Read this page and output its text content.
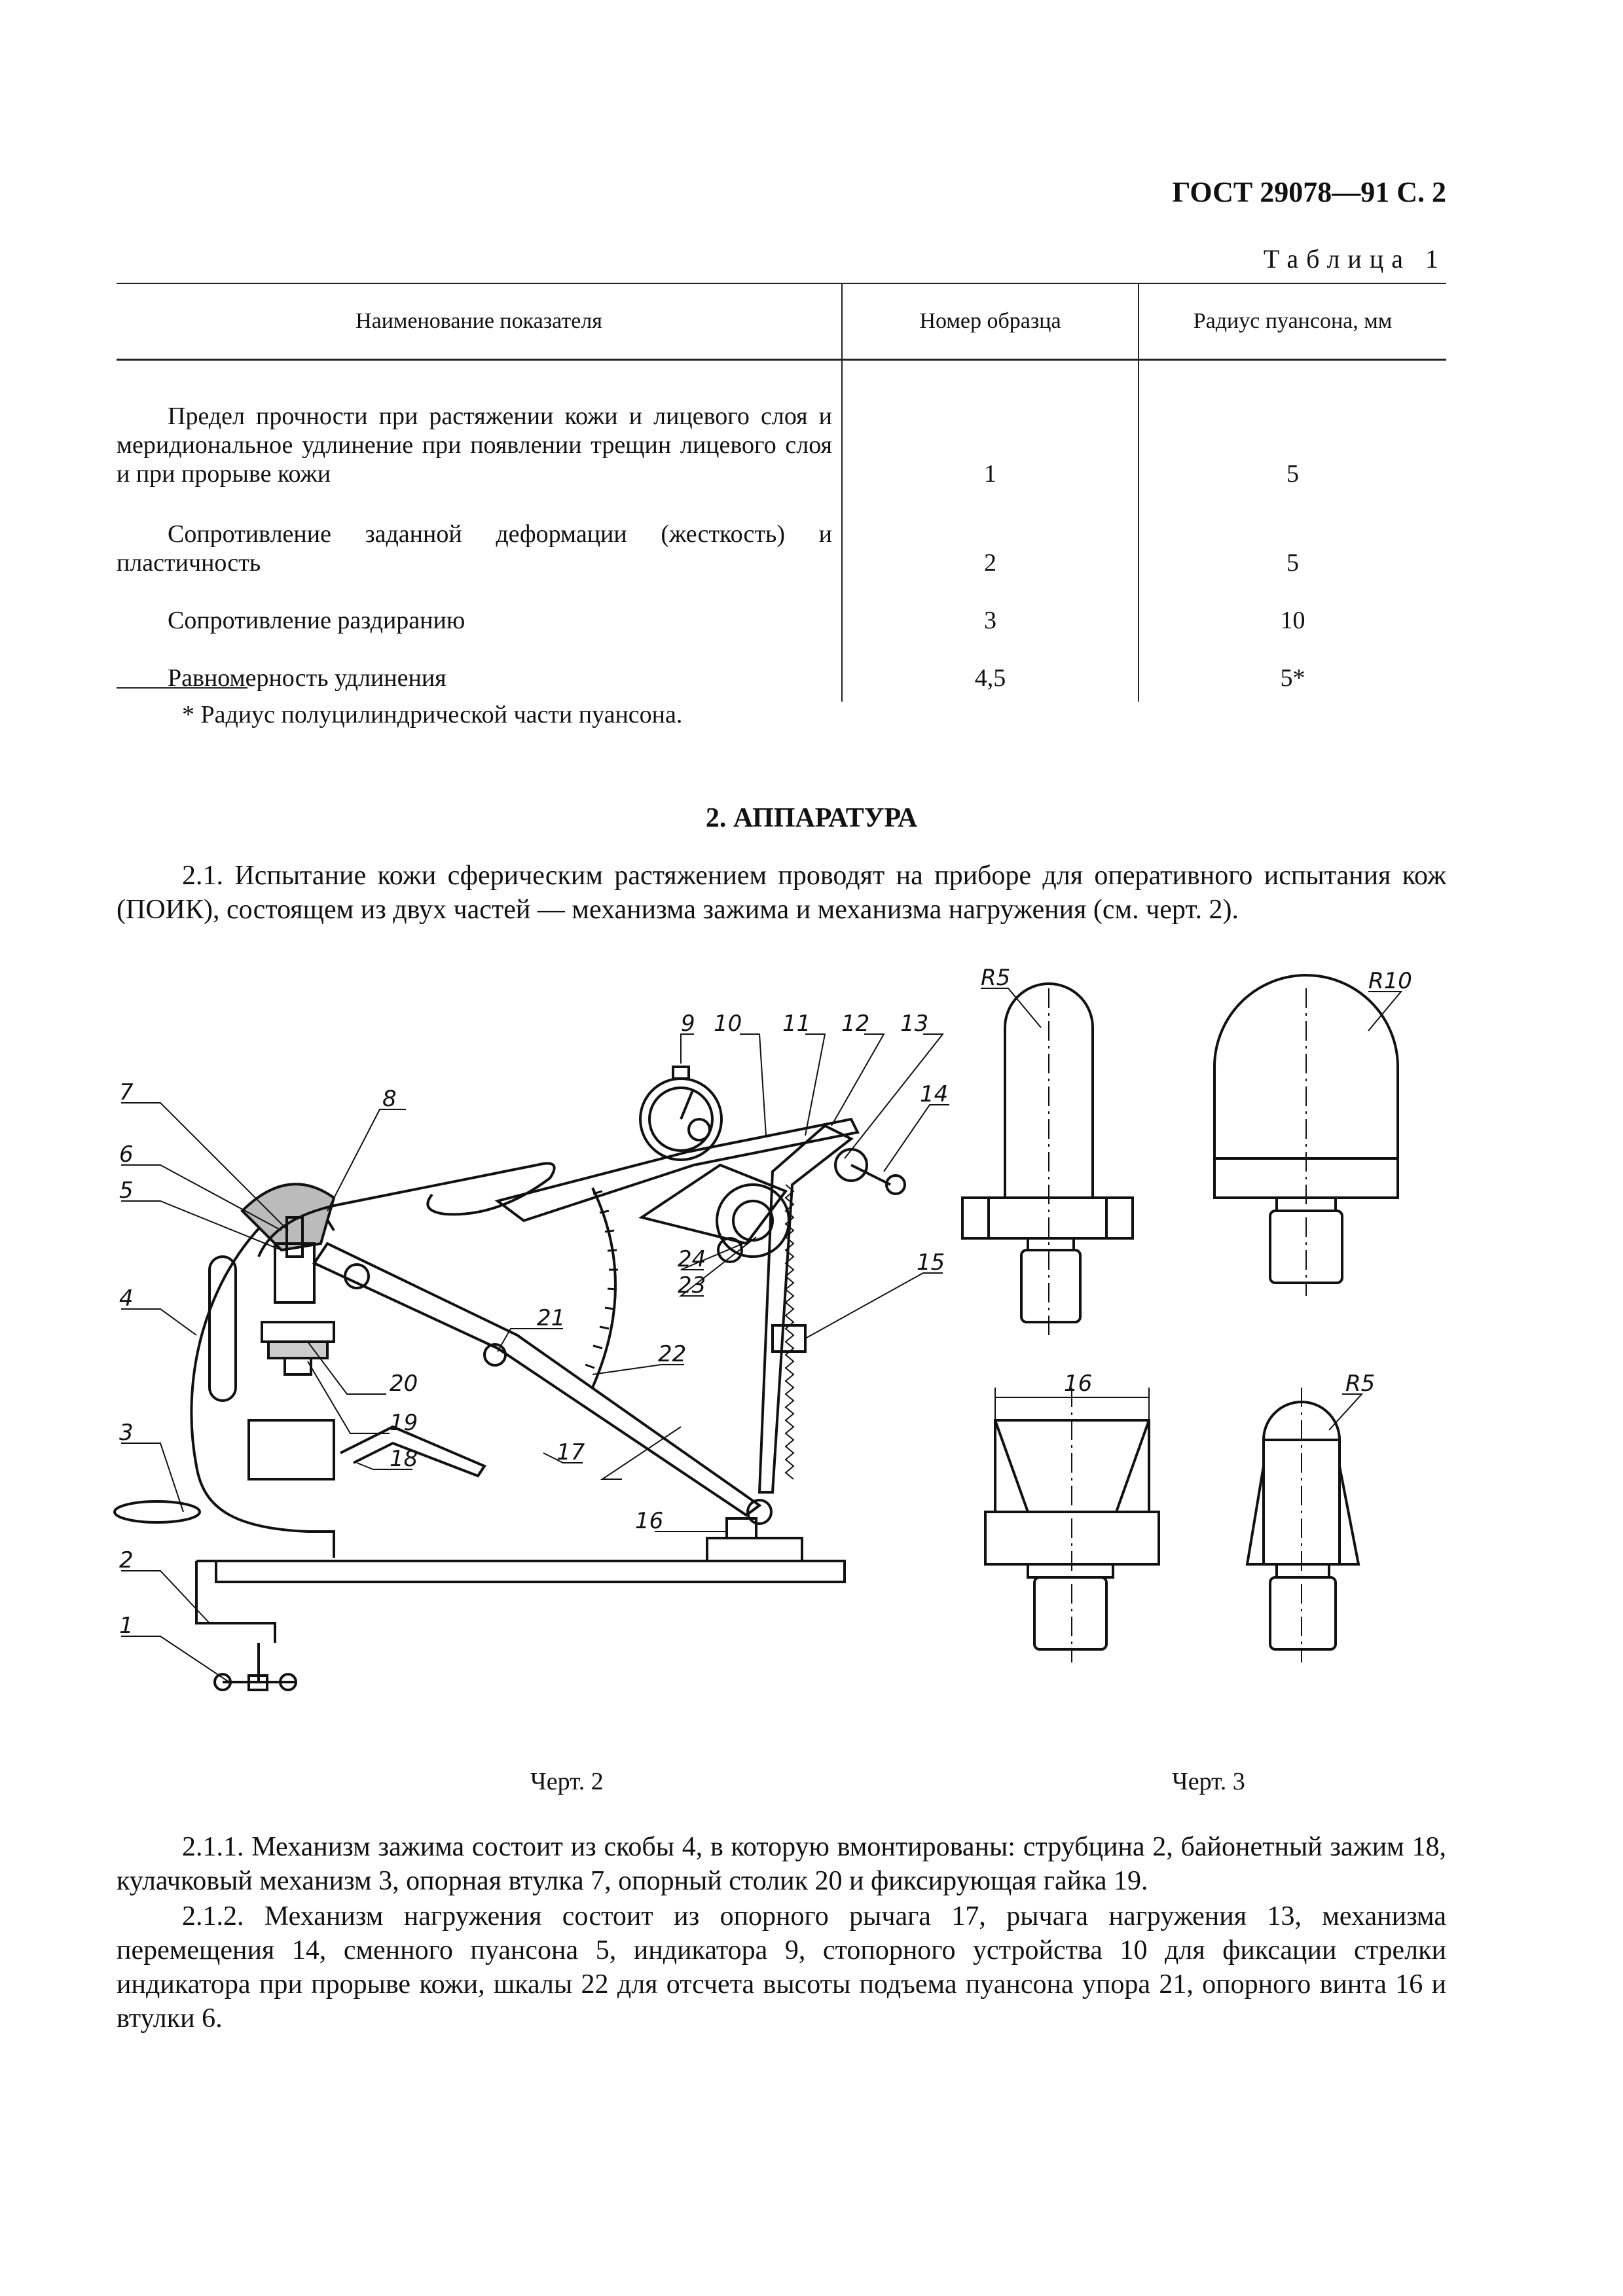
ГОСТ 29078—91 С. 2
Таблица 1
Наименование показателя	Номер образца	Радиус пуансона, мм
Предел прочности при растяжении кожи и лицевого слоя и меридиональное удлинение при появлении трещин лицевого слоя и при прорыве кожи	1	5
Сопротивление заданной деформации (жесткость) и пластичность	2	5
Сопротивление раздиранию	3	10
Равномерность удлинения	4,5	5*
* Радиус полуцилиндрической части пуансона.
2. АППАРАТУРА
2.1. Испытание кожи сферическим растяжением проводят на приборе для оперативного испытания кож (ПОИК), состоящем из двух частей — механизма зажима и механизма нагружения (см. черт. 2).
7
6
5
4
3
2
1
8
9 10 11 12 13
14
15
16
17
18
19
20
21
22
23
24
R5	R10
16	R5
Черт. 2	Черт. 3
2.1.1. Механизм зажима состоит из скобы 4, в которую вмонтированы: струбцина 2, байонетный зажим 18, кулачковый механизм 3, опорная втулка 7, опорный столик 20 и фиксирующая гайка 19.
2.1.2. Механизм нагружения состоит из опорного рычага 17, рычага нагружения 13, механизма перемещения 14, сменного пуансона 5, индикатора 9, стопорного устройства 10 для фиксации стрелки индикатора при прорыве кожи, шкалы 22 для отсчета высоты подъема пуансона упора 21, опорного винта 16 и втулки 6.
